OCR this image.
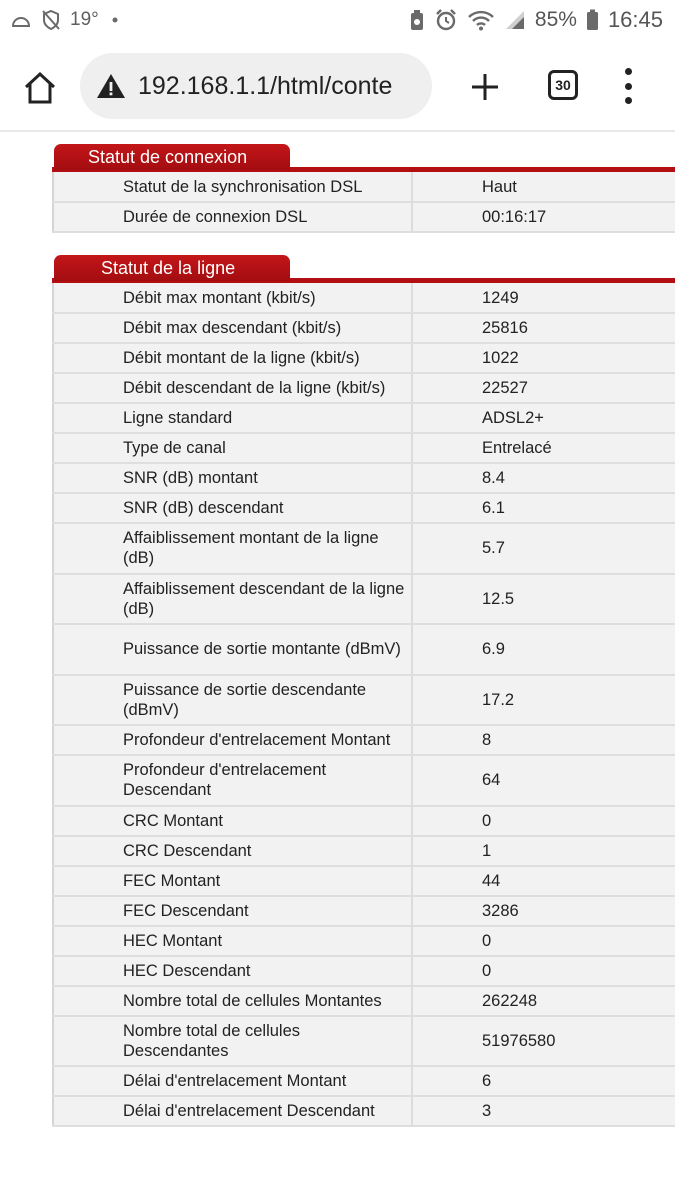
19°	85% 16:45
192.168.1.1/html/conte	30
Statut de connexion
Statut de la synchronisation DSL	Haut
Durée de connexion DSL	00:16:17
Statut de la ligne
Débit max montant (kbit/s)	1249
Débit max descendant (kbit/s)	25816
Débit montant de la ligne (kbit/s)	1022
Débit descendant de la ligne (kbit/s)	22527
Ligne standard	ADSL2+
Type de canal	Entrelacé
SNR (dB) montant	8.4
SNR (dB) descendant	6.1
Affaiblissement montant de la ligne (dB)	5.7
Affaiblissement descendant de la ligne (dB)	12.5
Puissance de sortie montante (dBmV)	6.9
Puissance de sortie descendante (dBmV)	17.2
Profondeur d'entrelacement Montant	8
Profondeur d'entrelacement Descendant	64
CRC Montant	0
CRC Descendant	1
FEC Montant	44
FEC Descendant	3286
HEC Montant	0
HEC Descendant	0
Nombre total de cellules Montantes	262248
Nombre total de cellules Descendantes	51976580
Délai d'entrelacement Montant	6
Délai d'entrelacement Descendant	3
